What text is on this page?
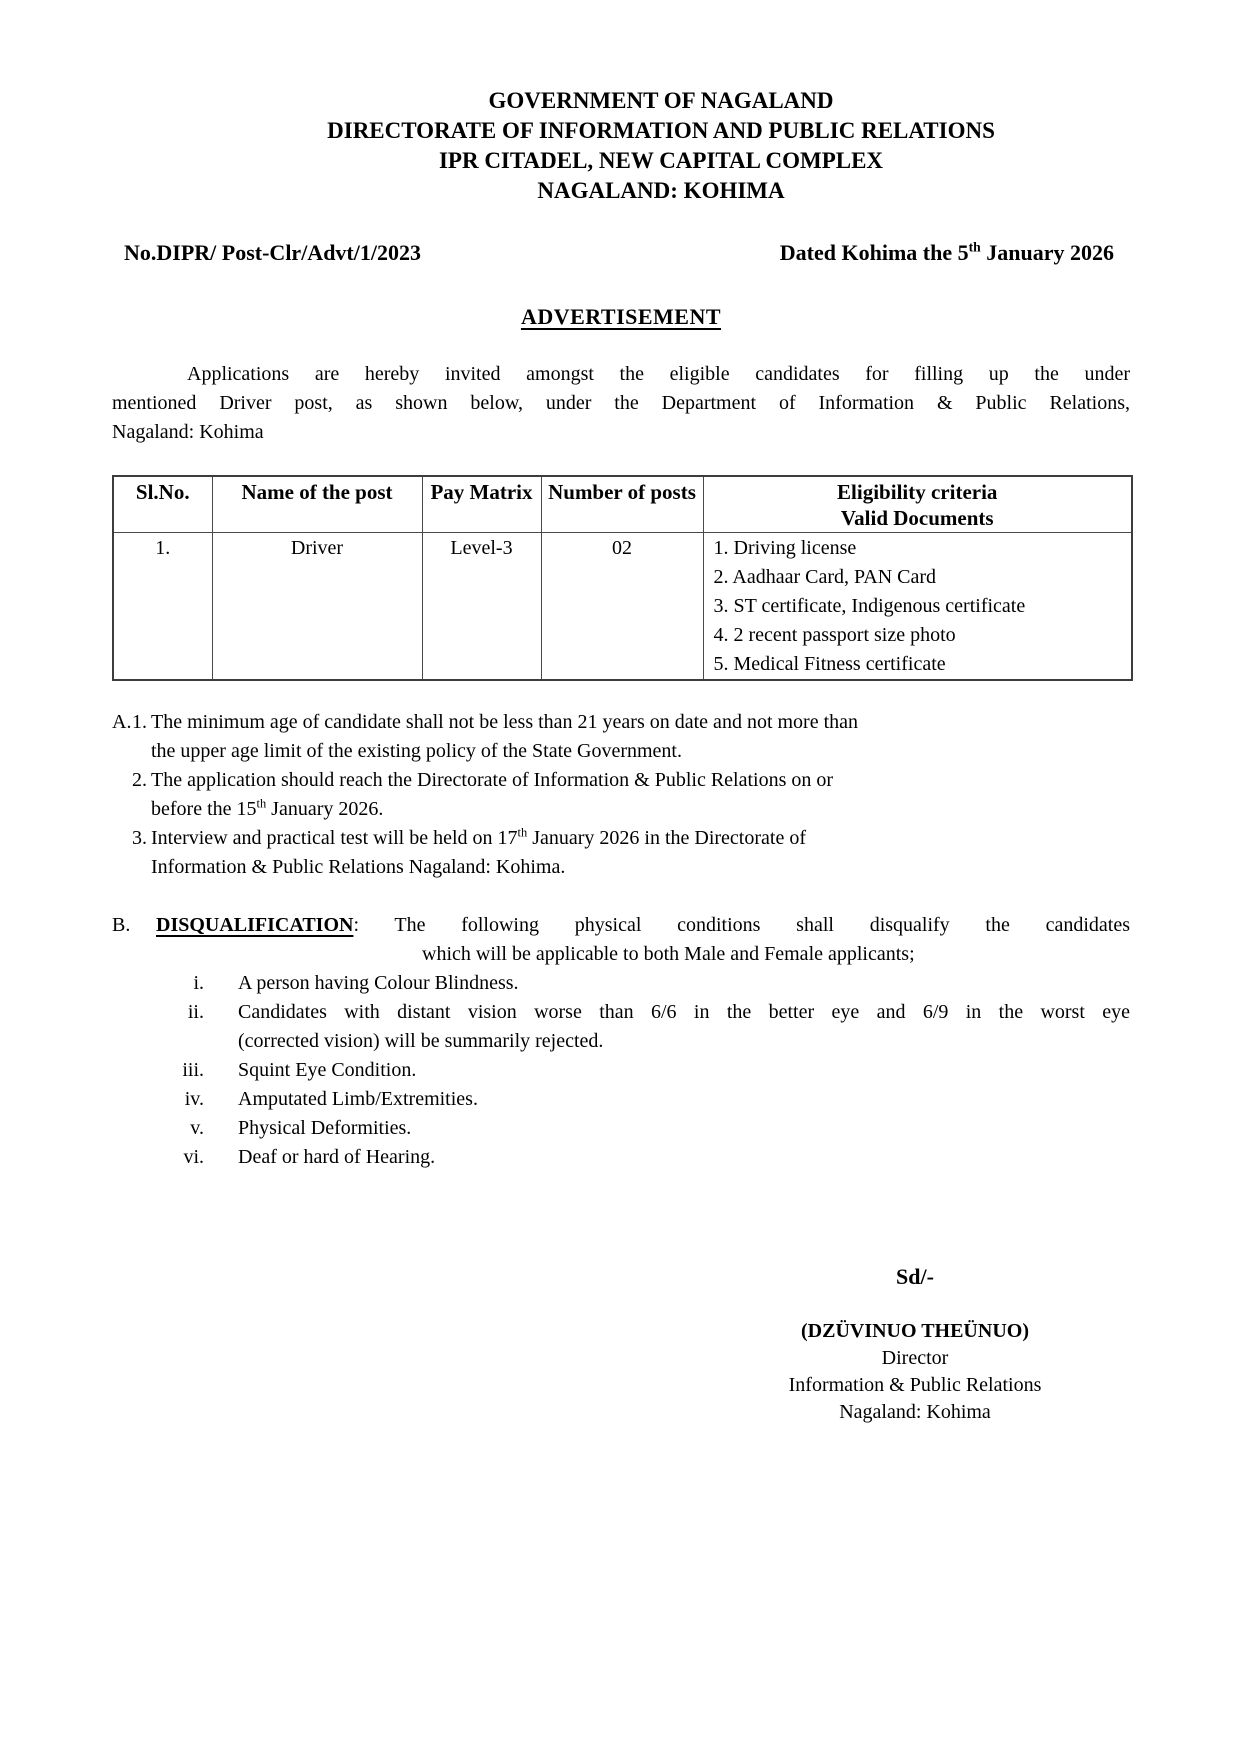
GOVERNMENT OF NAGALAND
DIRECTORATE OF INFORMATION AND PUBLIC RELATIONS
IPR CITADEL, NEW CAPITAL COMPLEX
NAGALAND: KOHIMA
No.DIPR/ Post-Clr/Advt/1/2023	Dated Kohima the 5th January 2026
ADVERTISEMENT
Applications are hereby invited amongst the eligible candidates for filling up the under
mentioned Driver post, as shown below, under the Department of Information & Public Relations,
Nagaland: Kohima
Sl.No.	Name of the post	Pay Matrix	Number of posts	Eligibility criteria
Valid Documents

1.	Driver	Level-3	02	1. Driving license
2. Aadhaar Card, PAN Card
3. ST certificate, Indigenous certificate
4. 2 recent passport size photo
5. Medical Fitness certificate
A. 1. The minimum age of candidate shall not be less than 21 years on date and not more than
the upper age limit of the existing policy of the State Government.
2. The application should reach the Directorate of Information & Public Relations on or
before the 15th January 2026.
3. Interview and practical test will be held on 17th January 2026 in the Directorate of
Information & Public Relations Nagaland: Kohima.
B. DISQUALIFICATION: The following physical conditions shall disqualify the candidates
which will be applicable to both Male and Female applicants;
i. A person having Colour Blindness.
ii. Candidates with distant vision worse than 6/6 in the better eye and 6/9 in the worst eye
(corrected vision) will be summarily rejected.
iii. Squint Eye Condition.
iv. Amputated Limb/Extremities.
v. Physical Deformities.
vi. Deaf or hard of Hearing.
Sd/-
(DZÜVINUO THEÜNUO)
Director
Information & Public Relations
Nagaland: Kohima
